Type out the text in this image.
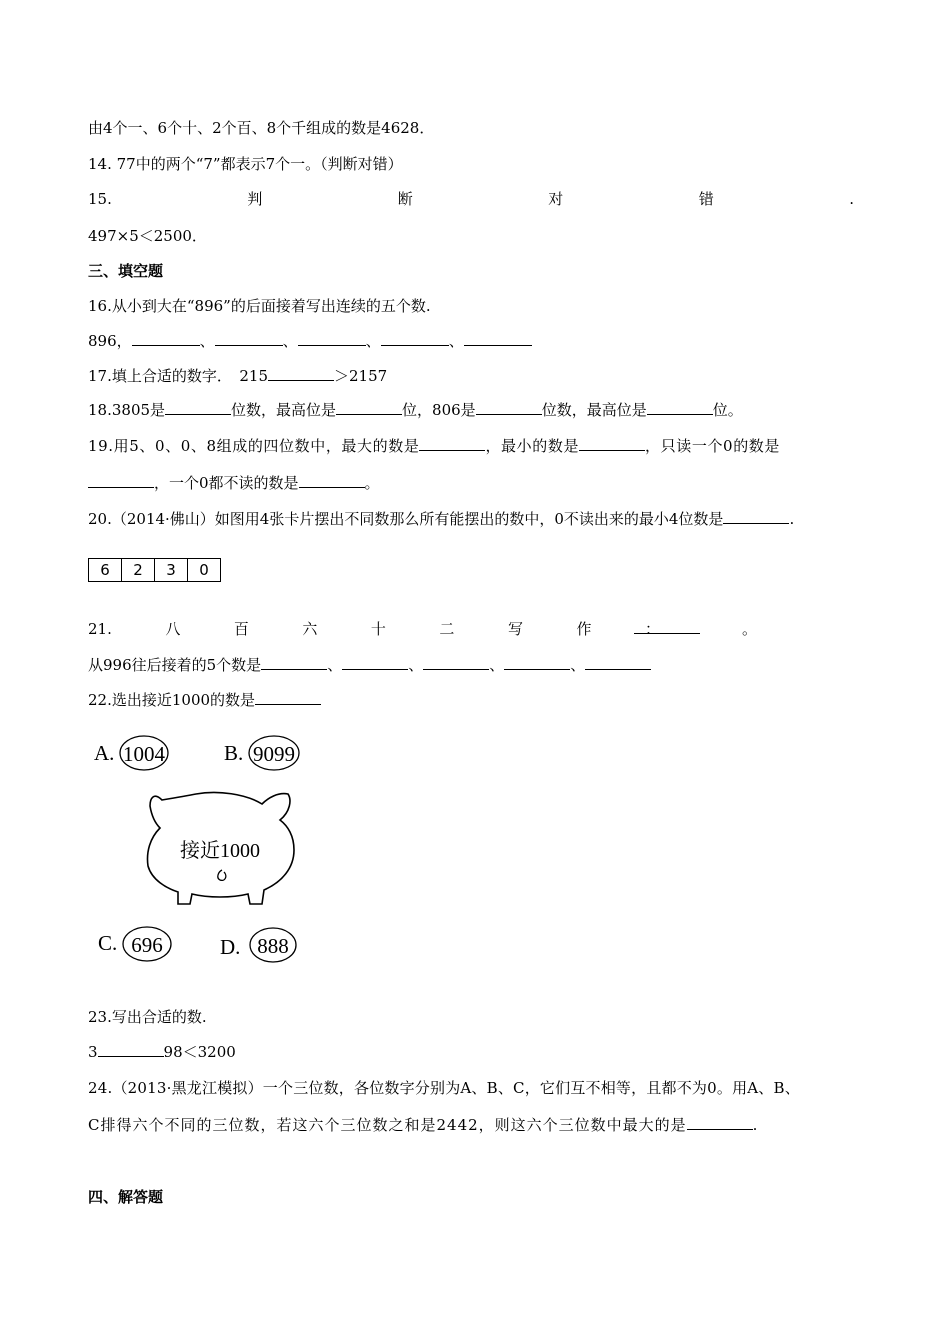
由4个一、6个十、2个百、8个千组成的数是4628．
14. 77中的两个“7”都表示7个一。（判断对错）
15.	判	断	对	错	.
497×5＜2500．
三、填空题
16.从小到大在“896”的后面接着写出连续的五个数.
896，	、	、	、	、
17.填上合适的数字．　215	＞2157
18.3805是	位数，最高位是	位，806是	位数，最高位是	位。
19.用5、0、0、8组成的四位数中，最大的数是	，最小的数是	，只读一个0的数是
，一个0都不读的数是	。
20.（2014·佛山）如图用4张卡片摆出不同数那么所有能摆出的数中，0不读出来的最小4位数是	.
6	2	3	0
21.	八	百	六	十	二	写	作	：	。
从996往后接着的5个数是	、	、	、	、
22.选出接近1000的数是
A. 1004	B. 9099
C. 696	D. 888
接近1000
23.写出合适的数.
3	98＜3200
24.（2013·黑龙江模拟）一个三位数，各位数字分别为A、B、C，它们互不相等，且都不为0。用A、B、
C排得六个不同的三位数，若这六个三位数之和是2442，则这六个三位数中最大的是	.
四、解答题
